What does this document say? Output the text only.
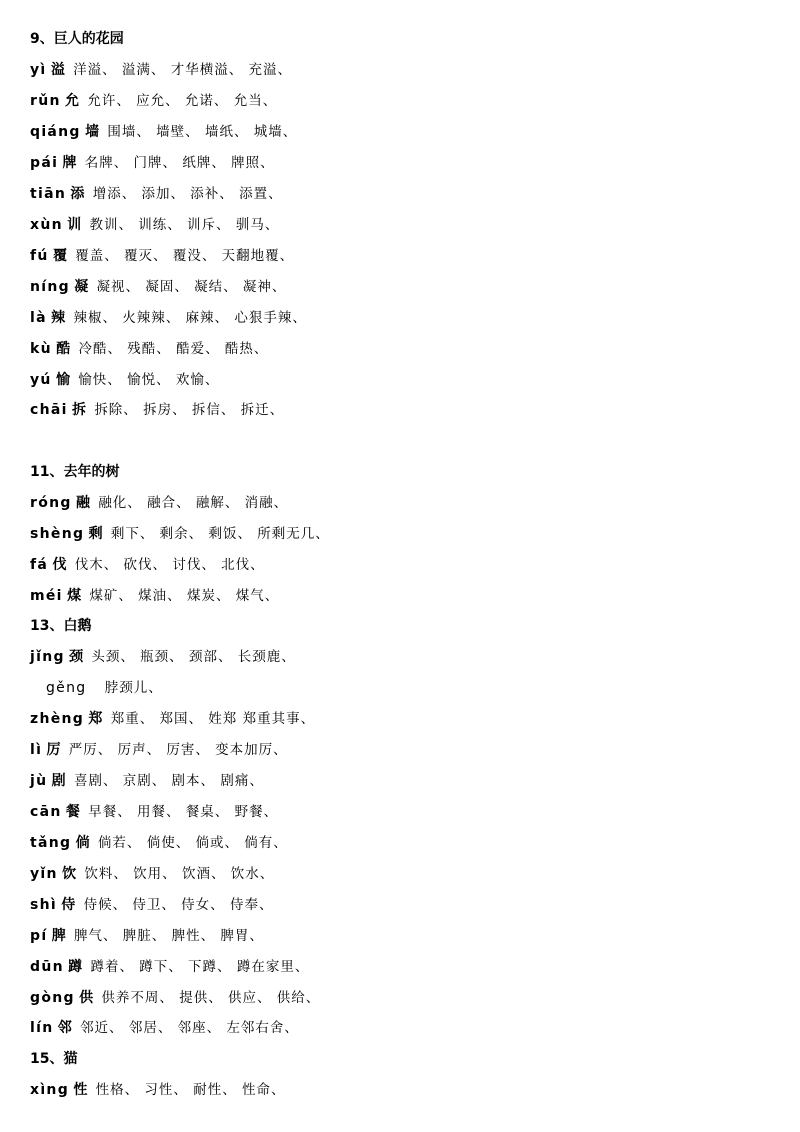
9、巨人的花园
yì 溢 洋溢、 溢满、 才华横溢、 充溢、
rǔn 允 允许、 应允、 允诺、 允当、
qiáng 墙 围墙、 墙壁、 墙纸、 城墙、
pái 牌 名牌、 门牌、 纸牌、 牌照、
tiān 添 增添、 添加、 添补、 添置、
xùn 训 教训、 训练、 训斥、 驯马、
fú 覆 覆盖、 覆灭、 覆没、 天翻地覆、
níng 凝 凝视、 凝固、 凝结、 凝神、
là 辣 辣椒、 火辣辣、 麻辣、 心狠手辣、
kù 酷 冷酷、 残酷、 酷爱、 酷热、
yú 愉 愉快、 愉悦、 欢愉、
chāi 拆 拆除、 拆房、 拆信、 拆迁、
11、去年的树
róng 融 融化、 融合、 融解、 消融、
shèng 剩 剩下、 剩余、 剩饭、 所剩无几、
fá 伐 伐木、 砍伐、 讨伐、 北伐、
méi 煤 煤矿、 煤油、 煤炭、 煤气、
13、白鹅
jǐng 颈 头颈、 瓶颈、 颈部、 长颈鹿、
gěng 脖颈儿、
zhèng 郑 郑重、 郑国、 姓郑 郑重其事、
lì 厉 严厉、 厉声、 厉害、 变本加厉、
jù 剧 喜剧、 京剧、 剧本、 剧痛、
cān 餐 早餐、 用餐、 餐桌、 野餐、
tǎng 倘 倘若、 倘使、 倘或、 倘有、
yǐn 饮 饮料、 饮用、 饮酒、 饮水、
shì 侍 侍候、 侍卫、 侍女、 侍奉、
pí 脾 脾气、 脾脏、 脾性、 脾胃、
dūn 蹲 蹲着、 蹲下、 下蹲、 蹲在家里、
gòng 供 供养不周、 提供、 供应、 供给、
lín 邻 邻近、 邻居、 邻座、 左邻右舍、
15、猫
xìng 性 性格、 习性、 耐性、 性命、
